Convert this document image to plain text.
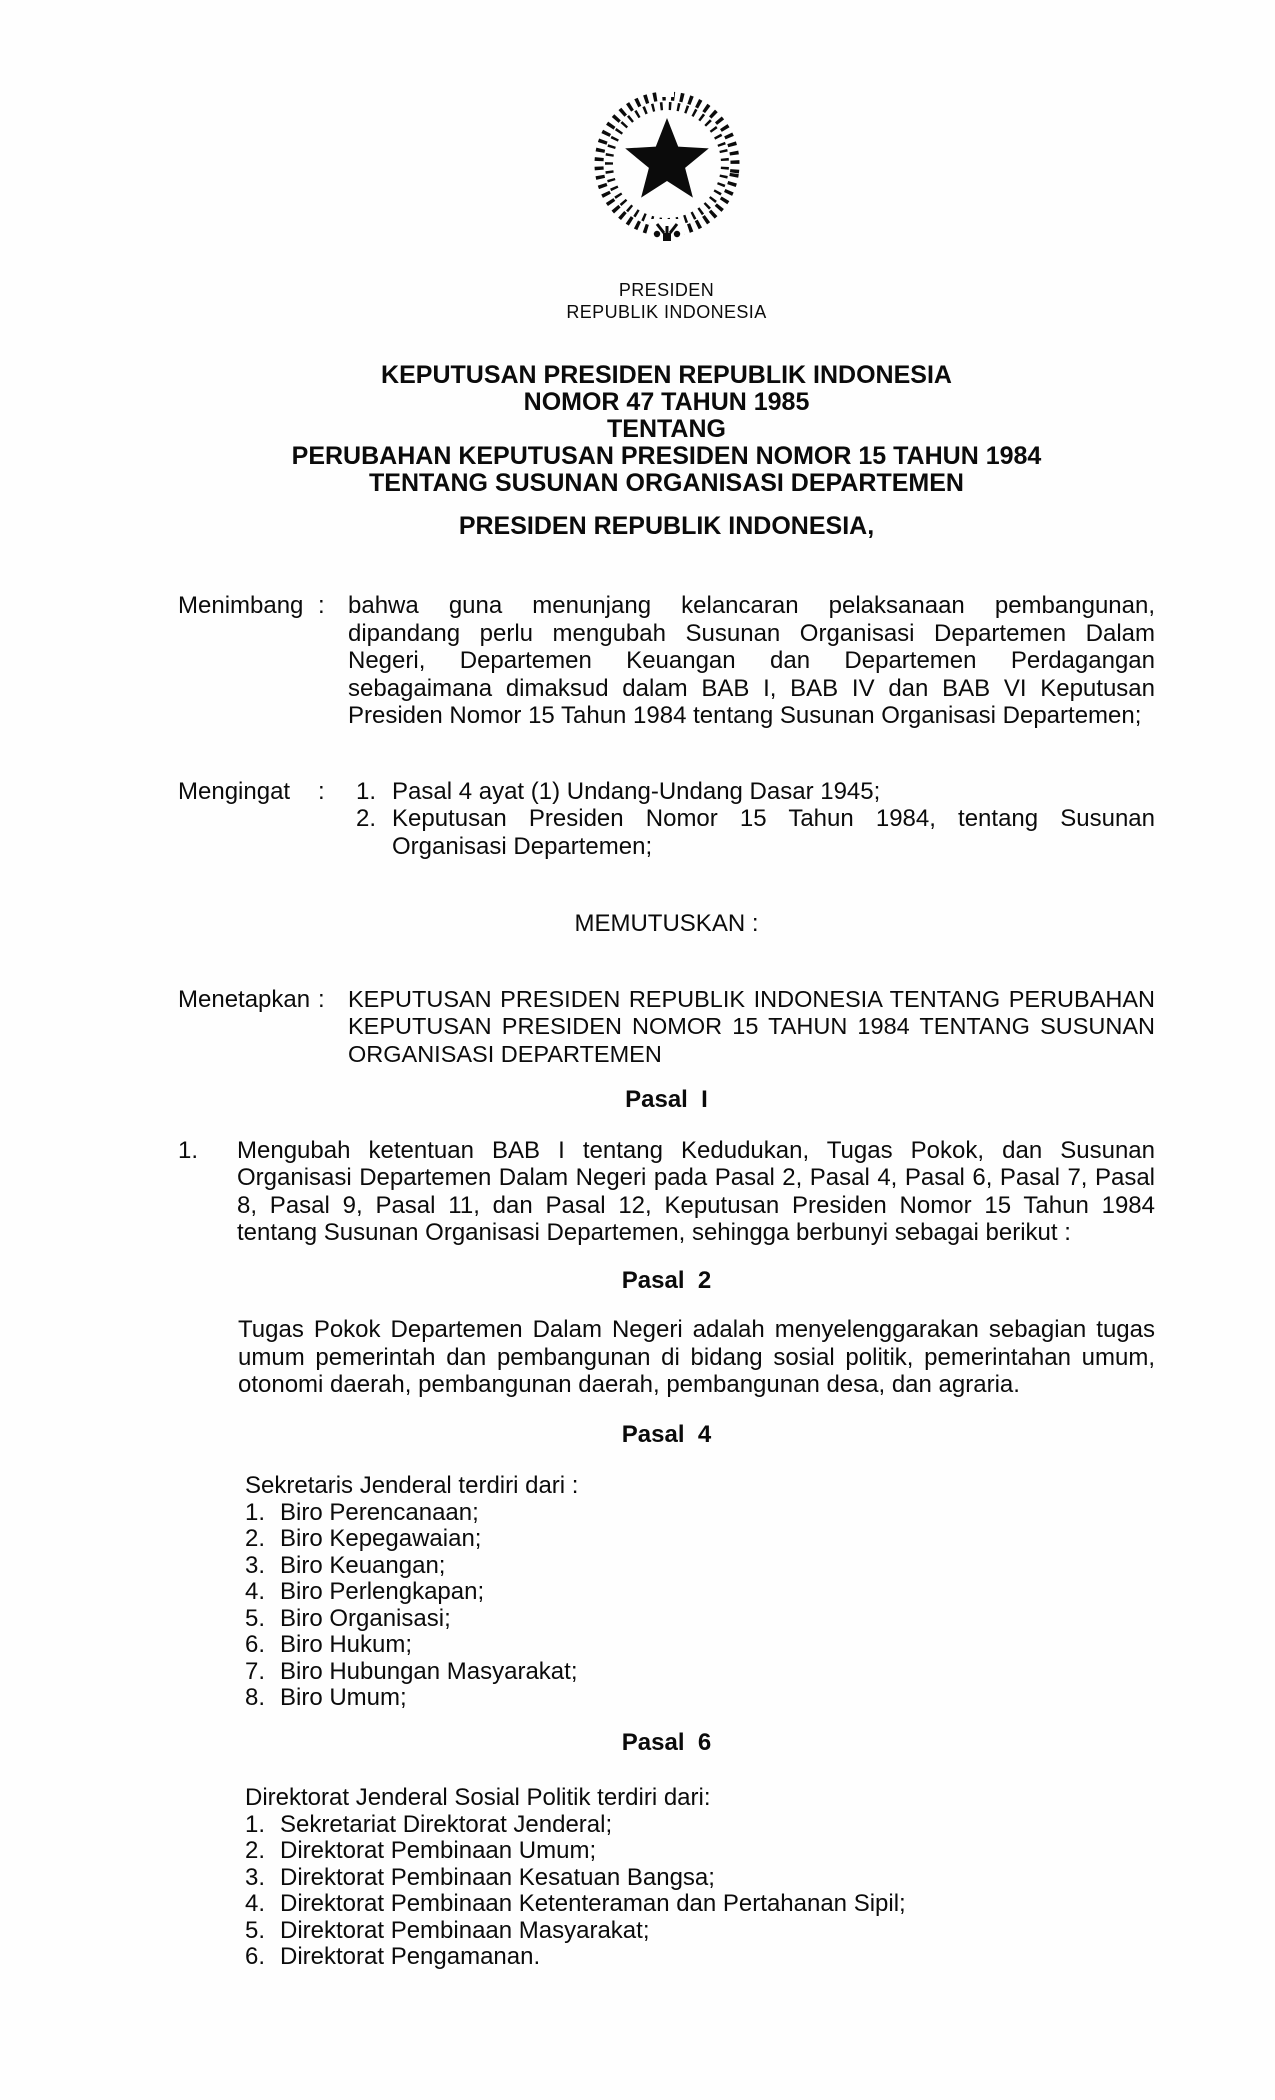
PRESIDEN
REPUBLIK INDONESIA
KEPUTUSAN PRESIDEN REPUBLIK INDONESIA
NOMOR 47 TAHUN 1985
TENTANG
PERUBAHAN KEPUTUSAN PRESIDEN NOMOR 15 TAHUN 1984
TENTANG SUSUNAN ORGANISASI DEPARTEMEN
PRESIDEN REPUBLIK INDONESIA,
Menimbang : bahwa guna menunjang kelancaran pelaksanaan pembangunan, dipandang perlu mengubah Susunan Organisasi Departemen Dalam Negeri, Departemen Keuangan dan Departemen Perdagangan sebagaimana dimaksud dalam BAB I, BAB IV dan BAB VI Keputusan Presiden Nomor 15 Tahun 1984 tentang Susunan Organisasi Departemen;
Mengingat	:	1. Pasal 4 ayat (1) Undang-Undang Dasar 1945;
2. Keputusan Presiden Nomor 15 Tahun 1984, tentang Susunan Organisasi Departemen;
MEMUTUSKAN :
Menetapkan : KEPUTUSAN PRESIDEN REPUBLIK INDONESIA TENTANG PERUBAHAN KEPUTUSAN PRESIDEN NOMOR 15 TAHUN 1984 TENTANG SUSUNAN ORGANISASI DEPARTEMEN
Pasal  I
1.	Mengubah ketentuan BAB I tentang Kedudukan, Tugas Pokok, dan Susunan Organisasi Departemen Dalam Negeri pada Pasal 2, Pasal 4, Pasal 6, Pasal 7, Pasal 8, Pasal 9, Pasal 11, dan Pasal 12, Keputusan Presiden Nomor 15 Tahun 1984 tentang Susunan Organisasi Departemen, sehingga berbunyi sebagai berikut :
Pasal  2
Tugas Pokok Departemen Dalam Negeri adalah menyelenggarakan sebagian tugas umum pemerintah dan pembangunan di bidang sosial politik, pemerintahan umum, otonomi daerah, pembangunan daerah, pembangunan desa, dan agraria.
Pasal  4
Sekretaris Jenderal terdiri dari :
1. Biro Perencanaan;
2. Biro Kepegawaian;
3. Biro Keuangan;
4. Biro Perlengkapan;
5. Biro Organisasi;
6. Biro Hukum;
7. Biro Hubungan Masyarakat;
8. Biro Umum;
Pasal  6
Direktorat Jenderal Sosial Politik terdiri dari:
1. Sekretariat Direktorat Jenderal;
2. Direktorat Pembinaan Umum;
3. Direktorat Pembinaan Kesatuan Bangsa;
4. Direktorat Pembinaan Ketenteraman dan Pertahanan Sipil;
5. Direktorat Pembinaan Masyarakat;
6. Direktorat Pengamanan.
